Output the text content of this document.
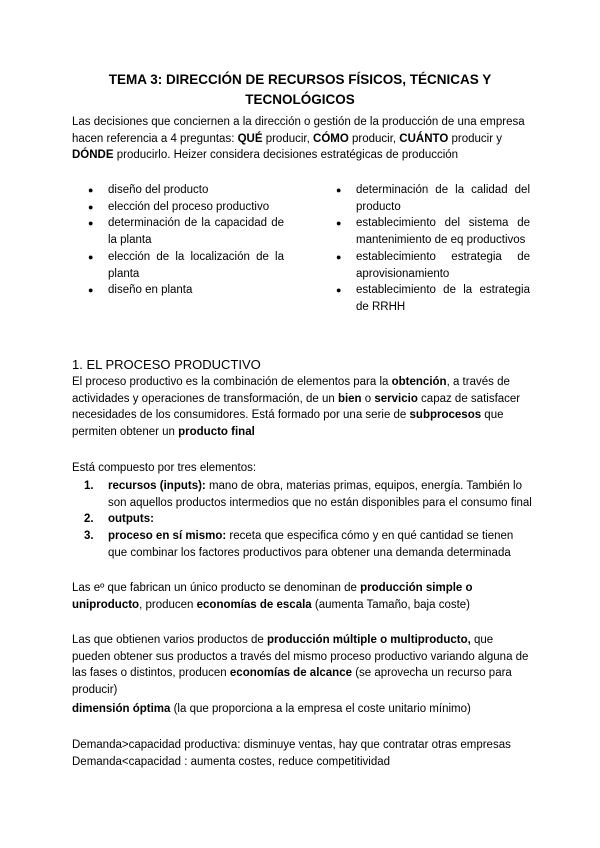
TEMA 3: DIRECCIÓN DE RECURSOS FÍSICOS, TÉCNICAS Y
TECNOLÓGICOS

Las decisiones que conciernen a la dirección o gestión de la producción de una empresa hacen referencia a 4 preguntas: QUÉ producir, CÓMO producir, CUÁNTO producir y DÓNDE producirlo. Heizer considera decisiones estratégicas de producción

● diseño del producto
● elección del proceso productivo
● determinación de la capacidad de la planta
● elección de la localización de la planta
● diseño en planta
● determinación de la calidad del producto
● establecimiento del sistema de mantenimiento de eq productivos
● establecimiento estrategia de aprovisionamiento
● establecimiento de la estrategia de RRHH
1. EL PROCESO PRODUCTIVO

El proceso productivo es la combinación de elementos para la obtención, a través de actividades y operaciones de transformación, de un bien o servicio capaz de satisfacer necesidades de los consumidores. Está formado por una serie de subprocesos que permiten obtener un producto final

Está compuesto por tres elementos:

1. recursos (inputs): mano de obra, materias primas, equipos, energía. También lo son aquellos productos intermedios que no están disponibles para el consumo final
2. outputs:
3. proceso en sí mismo: receta que especifica cómo y en qué cantidad se tienen que combinar los factores productivos para obtener una demanda determinada

Las eº que fabrican un único producto se denominan de producción simple o uniproducto, producen economías de escala (aumenta Tamaño, baja coste)

Las que obtienen varios productos de producción múltiple o multiproducto, que pueden obtener sus productos a través del mismo proceso productivo variando alguna de las fases o distintos, producen economías de alcance (se aprovecha un recurso para producir)

dimensión óptima (la que proporciona a la empresa el coste unitario mínimo)

Demanda>capacidad productiva: disminuye ventas, hay que contratar otras empresas

Demanda<capacidad : aumenta costes, reduce competitividad
